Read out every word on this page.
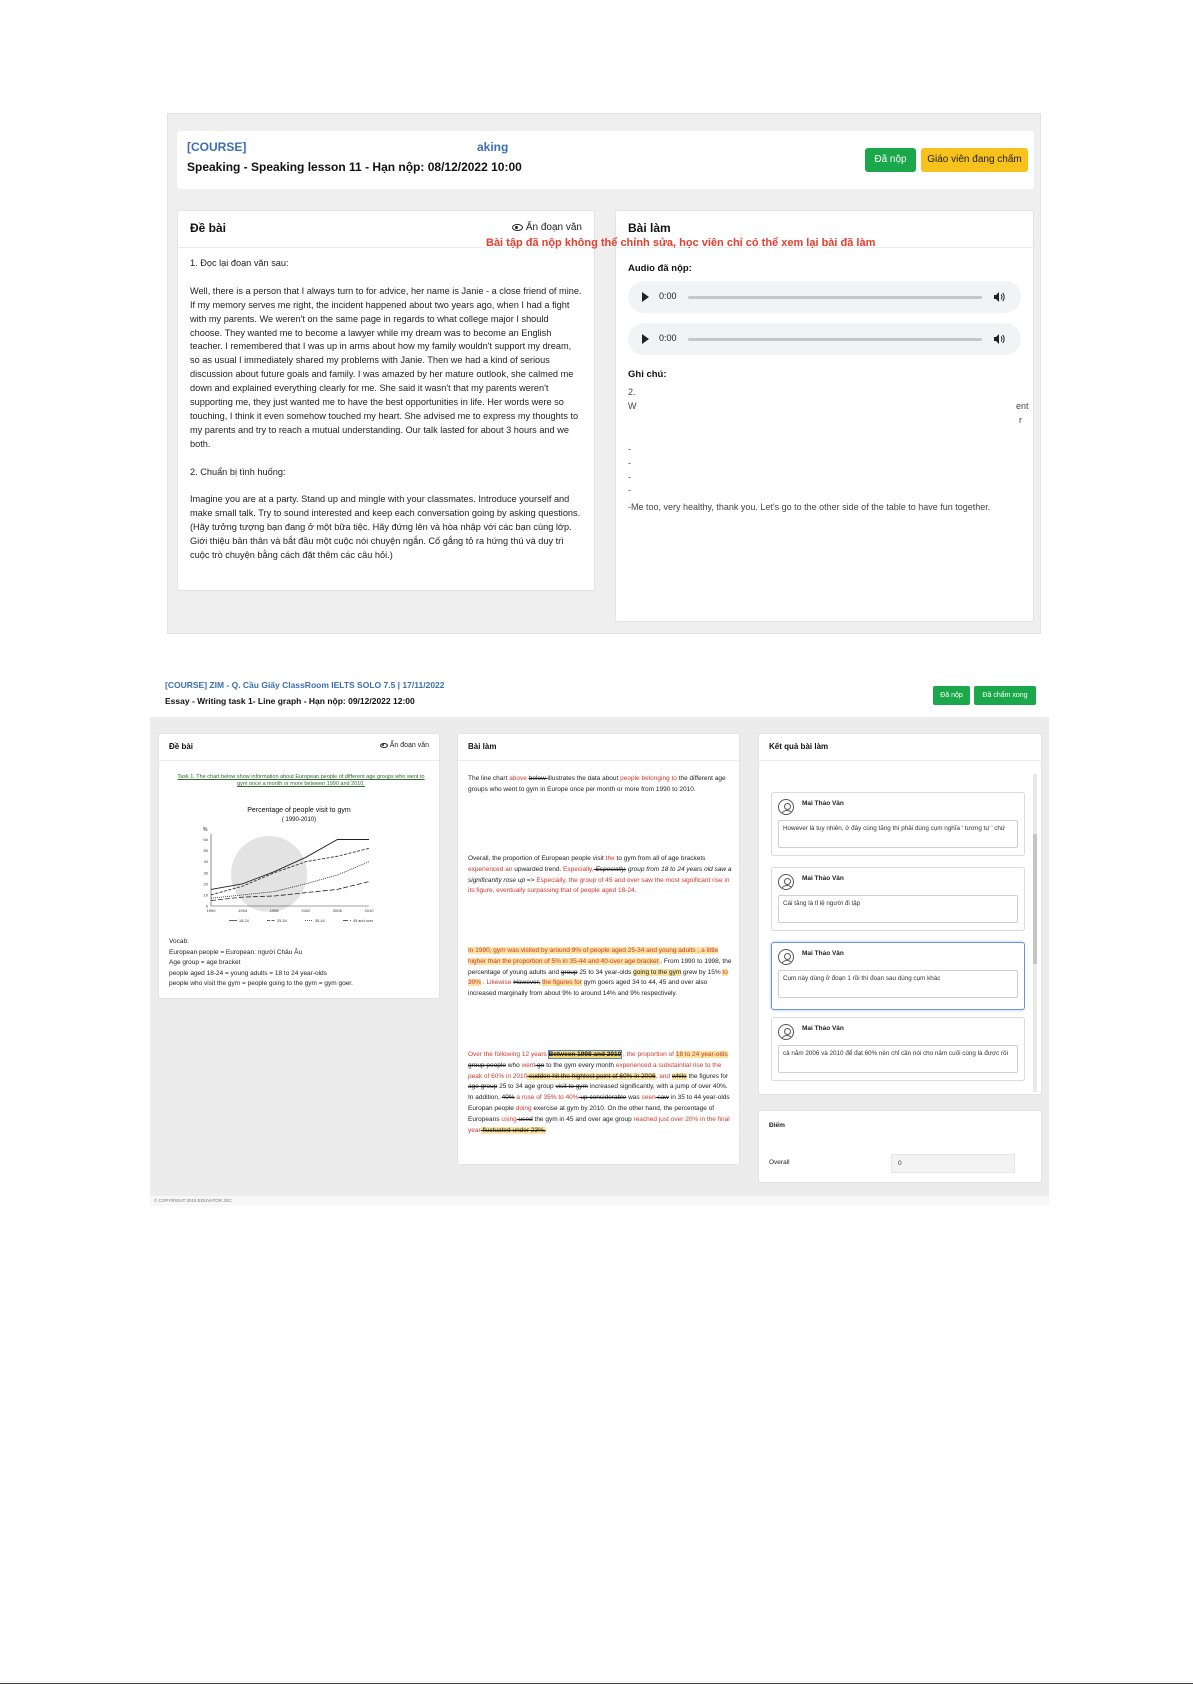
[COURSE]	aking
Speaking - Speaking lesson 11 - Hạn nộp: 08/12/2022 10:00
Đã nộp	Giáo viên đang chấm
Đề bài	Ẩn đoạn văn

1. Đọc lại đoạn văn sau:

Well, there is a person that I always turn to for advice, her name is Janie - a close friend of mine. If my memory serves me right, the incident happened about two years ago, when I had a fight with my parents. We weren't on the same page in regards to what college major I should choose. They wanted me to become a lawyer while my dream was to become an English teacher. I remembered that I was up in arms about how my family wouldn't support my dream, so as usual I immediately shared my problems with Janie. Then we had a kind of serious discussion about future goals and family. I was amazed by her mature outlook, she calmed me down and explained everything clearly for me. She said it wasn't that my parents weren't supporting me, they just wanted me to have the best opportunities in life. Her words were so touching, I think it even somehow touched my heart. She advised me to express my thoughts to my parents and try to reach a mutual understanding. Our talk lasted for about 3 hours and we both.

2. Chuẩn bị tình huống:

Imagine you are at a party. Stand up and mingle with your classmates. Introduce yourself and make small talk. Try to sound interested and keep each conversation going by asking questions.

(Hãy tưởng tượng bạn đang ở một bữa tiệc. Hãy đứng lên và hòa nhập với các bạn cùng lớp. Giới thiệu bản thân và bắt đầu một cuộc nói chuyện ngắn. Cố gắng tỏ ra hứng thú và duy trì cuộc trò chuyện bằng cách đặt thêm các câu hỏi.)

Bài làm
Audio đã nộp:
0:00
0:00
Ghi chú:
2.
W	ent
r
-
-
-
-
-Me too, very healthy, thank you. Let's go to the other side of the table to have fun together.
Bài tập đã nộp không thể chỉnh sửa, học viên chỉ có thể xem lại bài đã làm
[COURSE] ZIM - Q. Cầu Giấy ClassRoom IELTS SOLO 7.5 | 17/11/2022
Essay - Writing task 1- Line graph - Hạn nộp: 09/12/2022 12:00
Đã nộp	Đã chấm xong
Đề bài	Ẩn đoạn văn
Task 1. The chart below show information about European people of different age groups who went to gym once a month or more between 1990 and 2010.
Percentage of people visit to gym
( 1990-2010)
%
0
10
20
30
40
50
60
1990	1994	1998	2002	2006	2010
18-24	25-34	35-44	45 and over
Vocab:
European people = European: người Châu Âu
Age group = age bracket
people aged 18-24 = young adults = 18 to 24 year-olds
people who visit the gym = people going to the gym = gym goer.
Bài làm
The line chart above below illustrates the data about people belonging to the different age groups who went to gym in Europe once per month or more from 1990 to 2010.
Overall, the proportion of European people visit the to gym from all of age brackets experienced an upwarded trend. Especially, Especially, group from 18 to 24 years old saw a significantly rose up => Especially, the group of 45 and over saw the most significant rise in its figure, eventually surpassing that of people aged 18-24.
In 1990, gym was visited by around 9% of people aged 25-34 and young adults , a little higher than the proportion of 5% in 35-44 and 40-over age bracket . From 1990 to 1998, the percentage of young adults and group 25 to 34 year-olds going to the gym grew by 15% to 30% . Likewise However, the figures for gym goers aged 34 to 44, 45 and over also increased marginally from about 9% to around 14% and 9% respectively.
Over the following 12 years Between 1998 and 2010 , the proportion of 18 to 24 year-olds group people who went go to the gym every month experienced a substaintial rise to the peak of 60% in 2010 sudden hit the hightest point of 60% in 2006, and while the figures for age group 25 to 34 age group visit to gym increased significantly, with a jump of over 40%. In addition, 40% a rose of 35% to 40% up considerable was seen saw in 35 to 44 year-olds Europan people doing exercise at gym by 2010. On the other hand, the percentage of Europeans using used the gym in 45 and over age group reached just over 20% in the final year fluctuated under 23%.
Kết quả bài làm
Mai Thảo Vân
However là tuy nhiên, ở đây cùng tăng thì phải dùng cụm nghĩa ' tương tự ' chứ
Mai Thảo Vân
Cái tăng là tỉ lệ người đi tập
Mai Thảo Vân
Cụm này dùng ở đoạn 1 rồi thì đoạn sau dùng cụm khác
Mai Thảo Vân
cả năm 2006 và 2010 để đạt 60% nên chỉ cần nói cho năm cuối cùng là được rồi
Điểm
Overall	0
© COPYRIGHT 2019 EDUVATOR JSC
